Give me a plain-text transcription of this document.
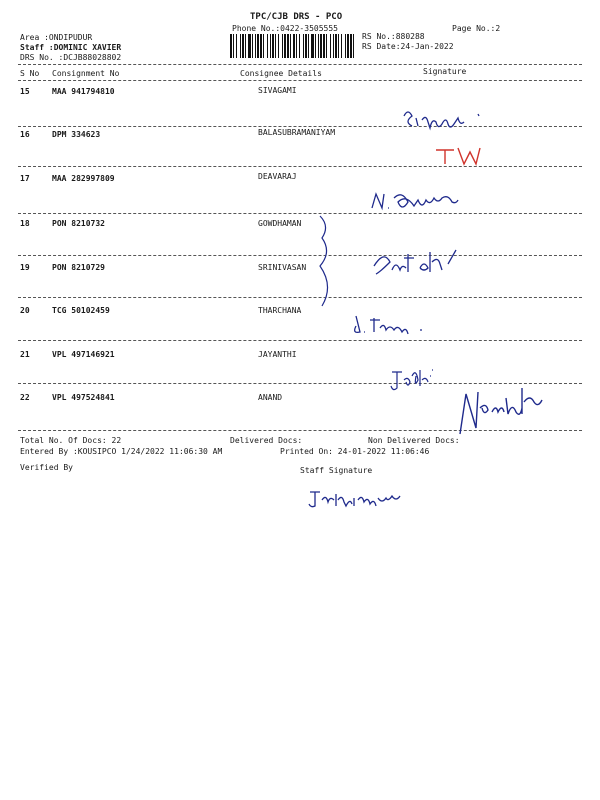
TPC/CJB DRS - PCO
Phone No.:0422-3505555	Page No.:2
Area :ONDIPUDUR
Staff :DOMINIC XAVIER
DRS No. :DCJB88028802
RS No.:880288
RS Date:24-Jan-2022
S No Consignment No	Consignee Details	Signature
15	MAA 941794810	SIVAGAMI
16	DPM 334623	BALASUBRAMANIYAM
17	MAA 282997809	DEAVARAJ
18	PON 8210732	GOWDHAMAN
19	PON 8210729	SRINIVASAN
20	TCG 50102459	THARCHANA
21	VPL 497146921	JAYANTHI
22	VPL 497524841	ANAND
Total No. Of Docs: 22	Delivered Docs:	Non Delivered Docs:
Entered By :KOUSIPCO 1/24/2022 11:06:30 AM	Printed On: 24-01-2022 11:06:46
Verified By	Staff Signature
